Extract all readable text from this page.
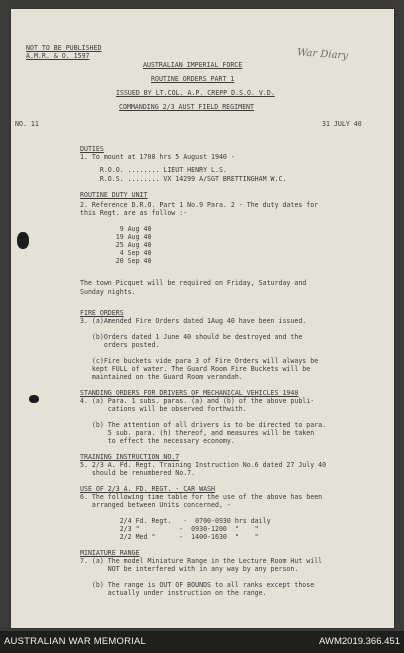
NOT TO BE PUBLISHED
A.M.R. & O. 1597	War Diary
AUSTRALIAN IMPERIAL FORCE
ROUTINE ORDERS PART 1
ISSUED BY LT.COL. A.P. CREPP D.S.O. V.D.
COMMANDING 2/3 AUST FIELD REGIMENT
NO. 11	31 JULY 40
DUTIES
1. To mount at 1700 hrs 5 August 1940 -
R.O.O. ........ LIEUT HENRY L.S.
R.O.S. ........ VX 14299 A/SGT BRETTINGHAM W.C.
ROUTINE DUTY UNIT
2. Reference D.R.O. Part 1 No.9 Para. 2 - The duty dates for
this Regt. are as follow :-
9 Aug 40
19 Aug 40
25 Aug 40
4 Sep 40
20 Sep 40
The town Picquet will be required on Friday, Saturday and
Sunday nights.
FIRE ORDERS
3. (a)Amended Fire Orders dated 1Aug 40 have been issued.
(b)Orders dated 1 June 40 should be destroyed and the
orders posted.
(c)Fire buckets vide para 3 of Fire Orders will always be
kept FULL of water. The Guard Room Fire Buckets will be
maintained on the Guard Room verandah.
STANDING ORDERS FOR DRIVERS OF MECHANICAL VEHICLES 1940
4. (a) Para. 1 subs. paras. (a) and (b) of the above publi-
cations will be observed forthwith.
(b) The attention of all drivers is to be directed to para.
5 sub. para. (h) thereof, and measures will be taken
to effect the necessary economy.
TRAINING INSTRUCTION NO.7
5. 2/3 A. Fd. Regt. Training Instruction No.6 dated 27 July 40
should be renumbered No.7.
USE OF 2/3 A. FD. REGT. - CAR WASH
6. The following time table for the use of the above has been
arranged between Units concerned, -
2/4 Fd. Regt.   -  0700-0930 hrs daily
2/3 "          -  0930-1200  "    "
2/2 Med "      -  1400-1630  "    "
MINIATURE RANGE
7. (a) The model Miniature Range in the Lecture Room Hut will
NOT be interfered with in any way by any person.
(b) The range is OUT OF BOUNDS to all ranks except those
actually under instruction on the range.
AUSTRALIAN WAR MEMORIAL	AWM2019.366.451
